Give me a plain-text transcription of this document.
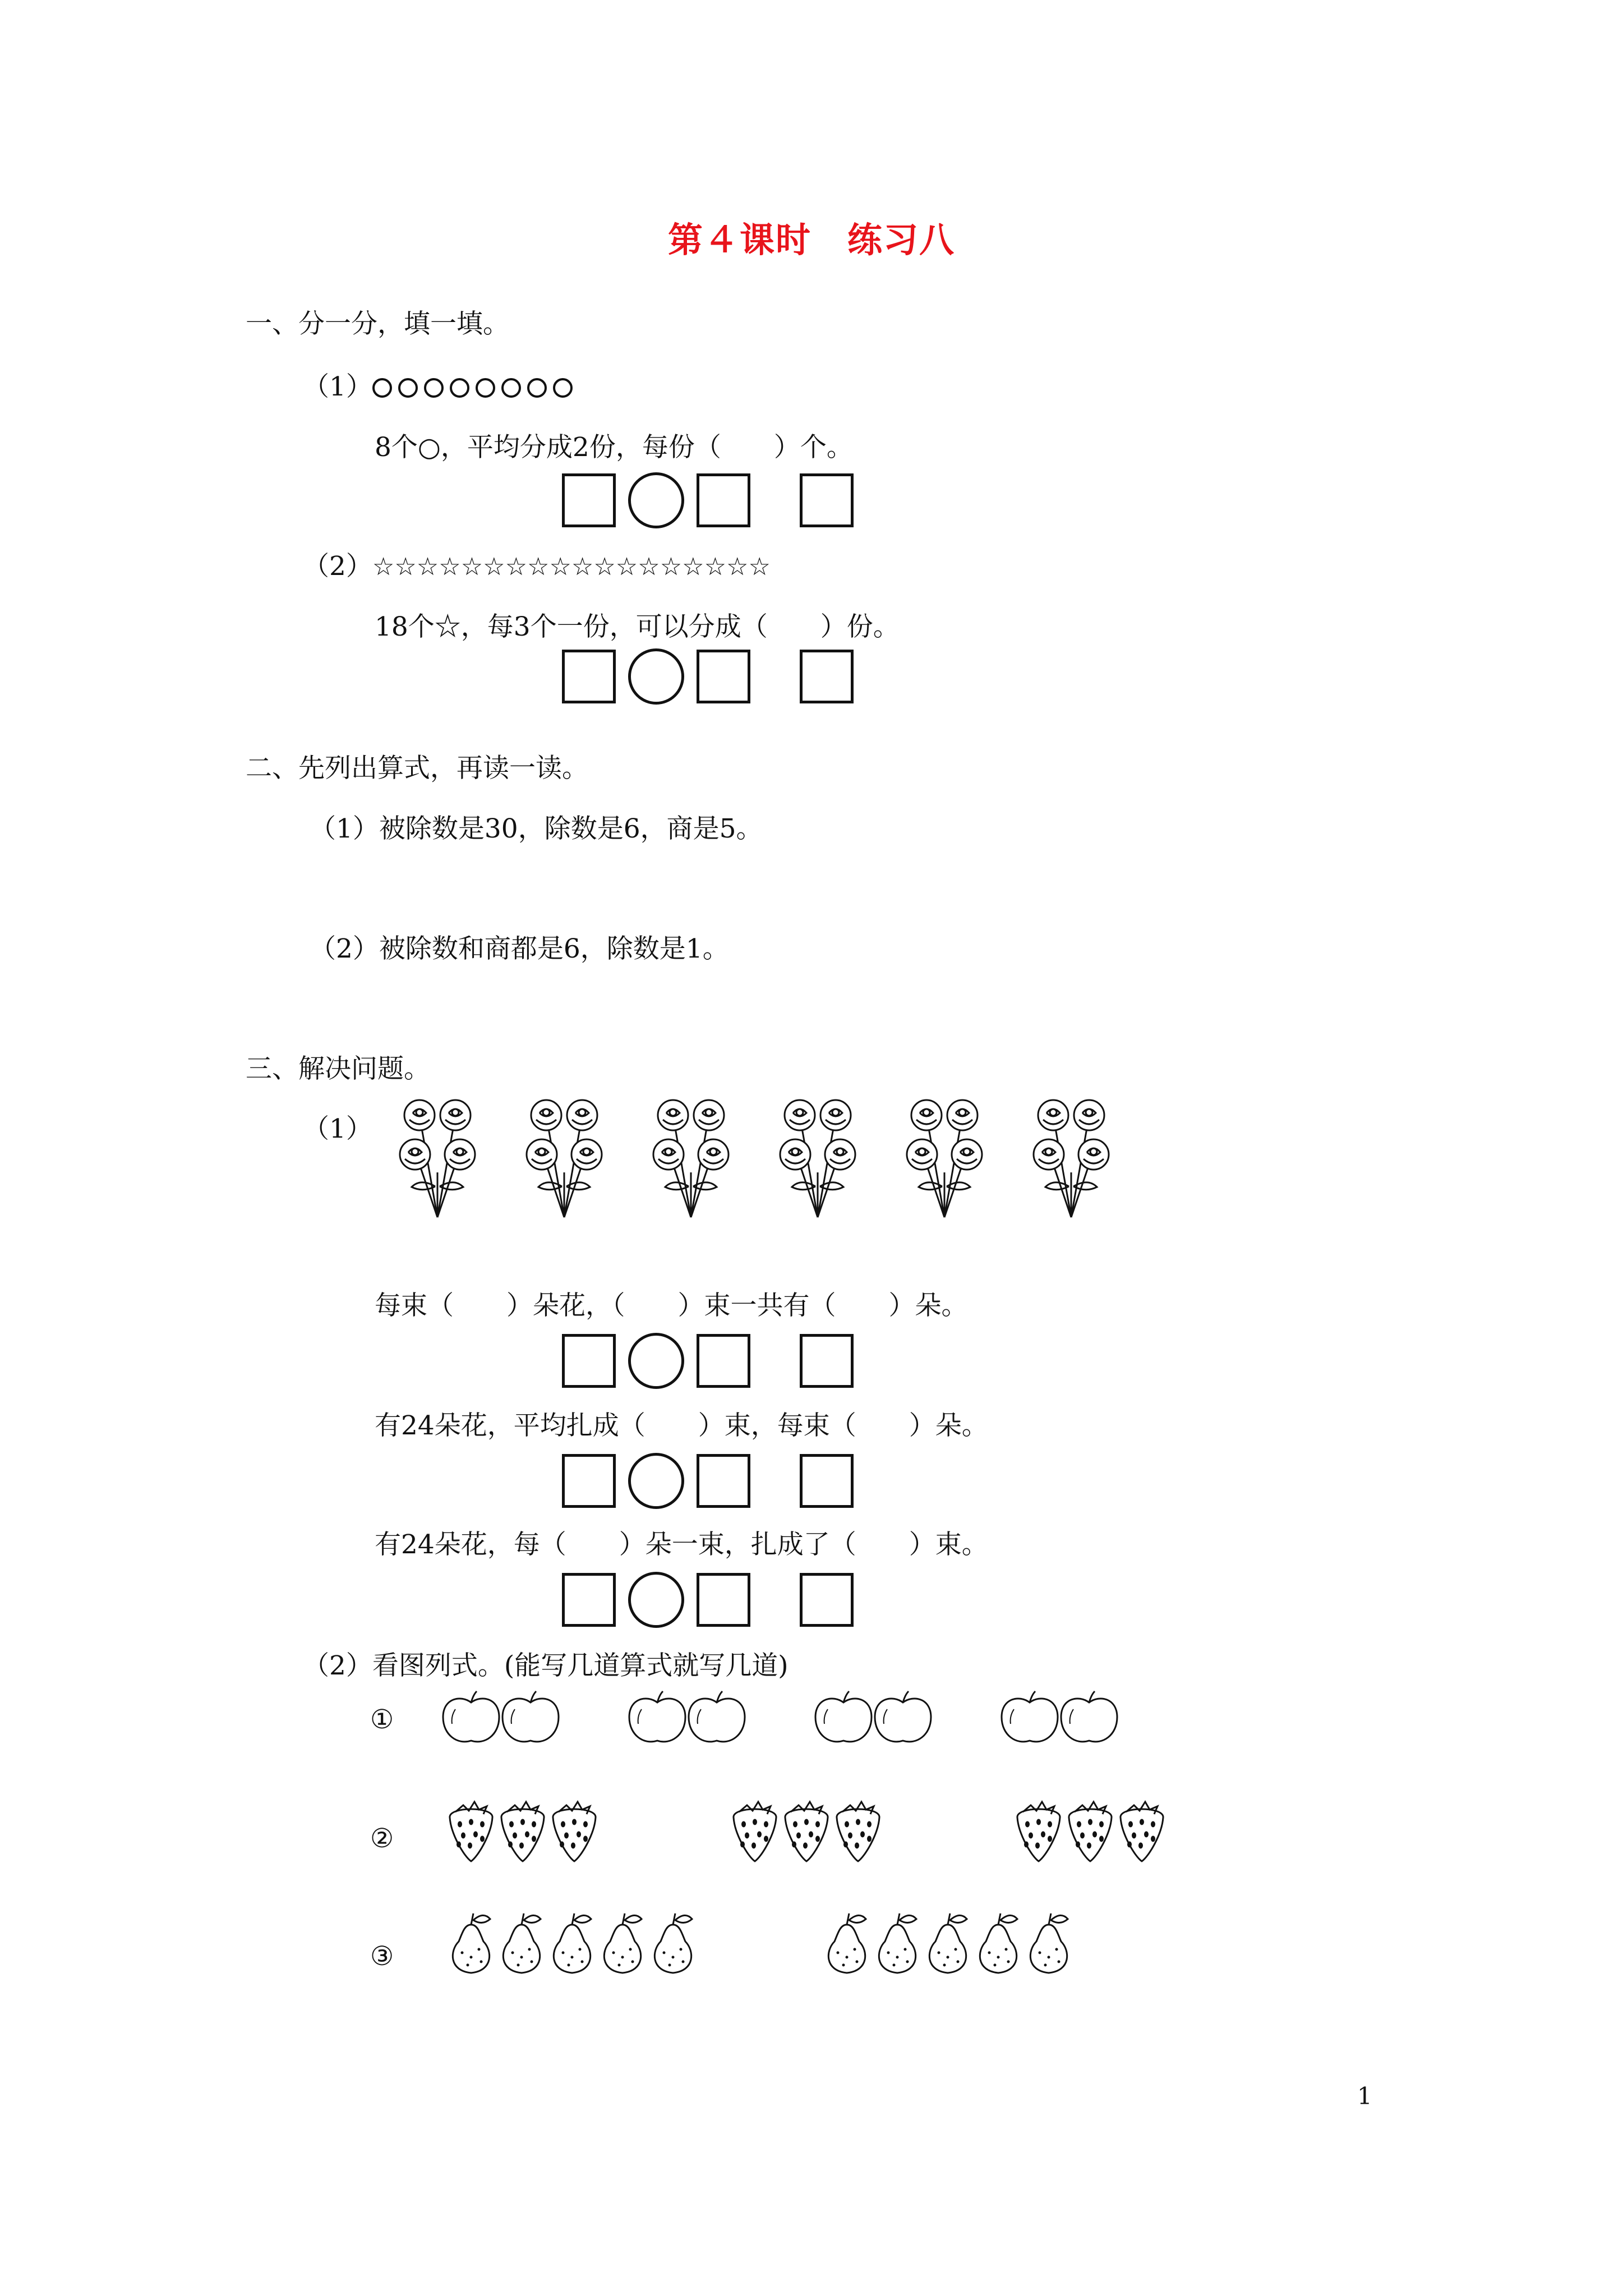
第４课时　练习八
一、分一分，填一填。
（1）
8个○，平均分成2份，每份（　　）个。
（2）☆☆☆☆☆☆☆☆☆☆☆☆☆☆☆☆☆☆
18个☆，每3个一份，可以分成（　　）份。
二、先列出算式，再读一读。
（1）被除数是30，除数是6，商是5。
（2）被除数和商都是6，除数是1。
三、解决问题。
（1）
每束（　　）朵花，（　　）束一共有（　　）朵。
有24朵花，平均扎成（　　）束，每束（　　）朵。
有24朵花，每（　　）朵一束，扎成了（　　）束。
（2）看图列式。(能写几道算式就写几道)
①
②
③
1
